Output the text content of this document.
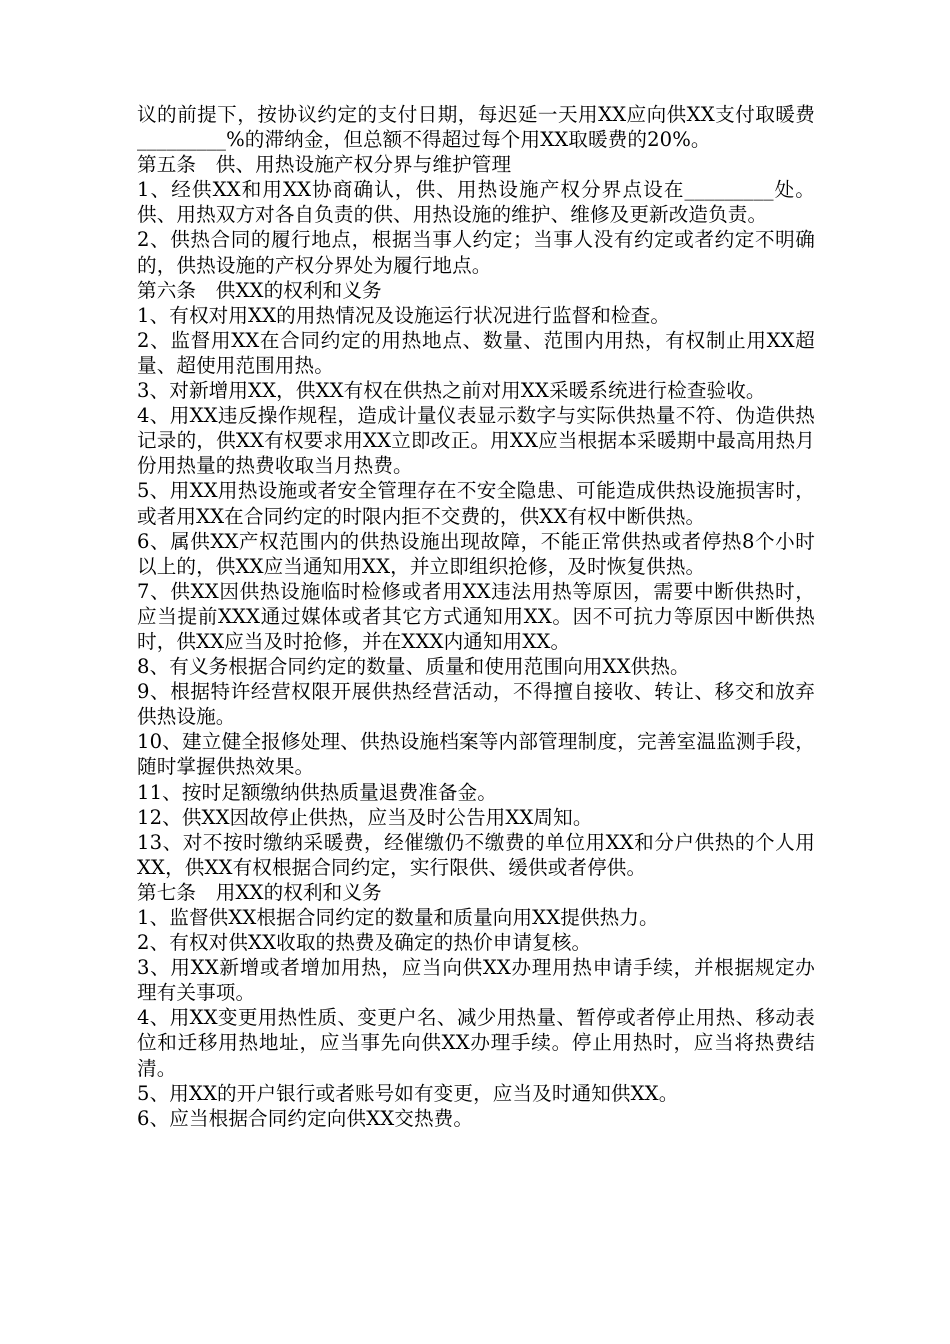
议的前提下，按协议约定的支付日期，每迟延一天用XX应向供XX支付取暖费_________%的滞纳金，但总额不得超过每个用XX取暖费的20%。

第五条　供、用热设施产权分界与维护管理

1、经供XX和用XX协商确认，供、用热设施产权分界点设在_________处。供、用热双方对各自负责的供、用热设施的维护、维修及更新改造负责。

2、供热合同的履行地点，根据当事人约定；当事人没有约定或者约定不明确的，供热设施的产权分界处为履行地点。

第六条　供XX的权利和义务

1、有权对用XX的用热情况及设施运行状况进行监督和检查。

2、监督用XX在合同约定的用热地点、数量、范围内用热，有权制止用XX超量、超使用范围用热。

3、对新增用XX，供XX有权在供热之前对用XX采暖系统进行检查验收。

4、用XX违反操作规程，造成计量仪表显示数字与实际供热量不符、伪造供热记录的，供XX有权要求用XX立即改正。用XX应当根据本采暖期中最高用热月份用热量的热费收取当月热费。

5、用XX用热设施或者安全管理存在不安全隐患、可能造成供热设施损害时，或者用XX在合同约定的时限内拒不交费的，供XX有权中断供热。

6、属供XX产权范围内的供热设施出现故障，不能正常供热或者停热8个小时以上的，供XX应当通知用XX，并立即组织抢修，及时恢复供热。

7、供XX因供热设施临时检修或者用XX违法用热等原因，需要中断供热时，应当提前XXX通过媒体或者其它方式通知用XX。因不可抗力等原因中断供热时，供XX应当及时抢修，并在XXX内通知用XX。

8、有义务根据合同约定的数量、质量和使用范围向用XX供热。

9、根据特许经营权限开展供热经营活动，不得擅自接收、转让、移交和放弃供热设施。

10、建立健全报修处理、供热设施档案等内部管理制度，完善室温监测手段，随时掌握供热效果。

11、按时足额缴纳供热质量退费准备金。

12、供XX因故停止供热，应当及时公告用XX周知。

13、对不按时缴纳采暖费，经催缴仍不缴费的单位用XX和分户供热的个人用XX，供XX有权根据合同约定，实行限供、缓供或者停供。

第七条　用XX的权利和义务

1、监督供XX根据合同约定的数量和质量向用XX提供热力。

2、有权对供XX收取的热费及确定的热价申请复核。

3、用XX新增或者增加用热，应当向供XX办理用热申请手续，并根据规定办理有关事项。

4、用XX变更用热性质、变更户名、减少用热量、暂停或者停止用热、移动表位和迁移用热地址，应当事先向供XX办理手续。停止用热时，应当将热费结清。

5、用XX的开户银行或者账号如有变更，应当及时通知供XX。

6、应当根据合同约定向供XX交热费。
